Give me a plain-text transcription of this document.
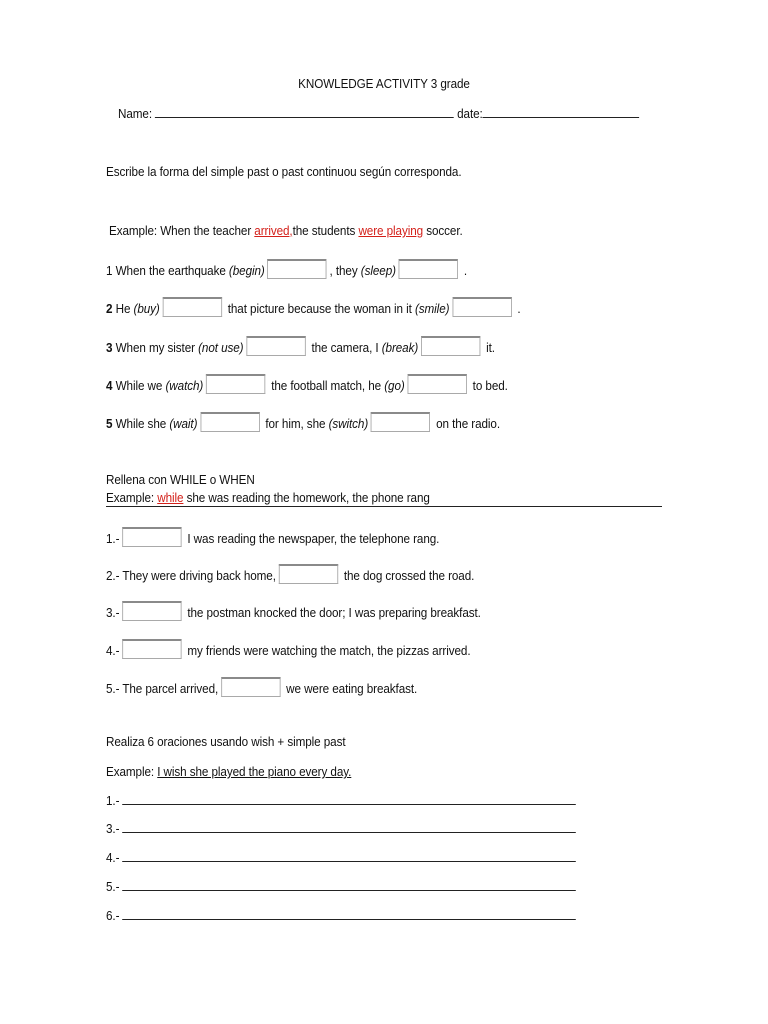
KNOWLEDGE ACTIVITY 3 grade
Name:	date:
Escribe la forma del simple past o past continuou según corresponda.
Example: When the teacher arrived,the students were playing soccer.
1 When the earthquake (begin)	, they (sleep)	.
2 He (buy)	that picture because the woman in it (smile)	.
3 When my sister (not use)	the camera, I (break)	it.
4 While we (watch)	the football match, he (go)	to bed.
5 While she (wait)	for him, she (switch)	on the radio.
Rellena con WHILE o WHEN
Example: while she was reading the homework, the phone rang
1.-	I was reading the newspaper, the telephone rang.
2.- They were driving back home,	the dog crossed the road.
3.-	the postman knocked the door; I was preparing breakfast.
4.-	my friends were watching the match, the pizzas arrived.
5.- The parcel arrived,	we were eating breakfast.
Realiza 6 oraciones usando wish + simple past
Example: I wish she played the piano every day.
1.-
3.-
4.-
5.-
6.-
